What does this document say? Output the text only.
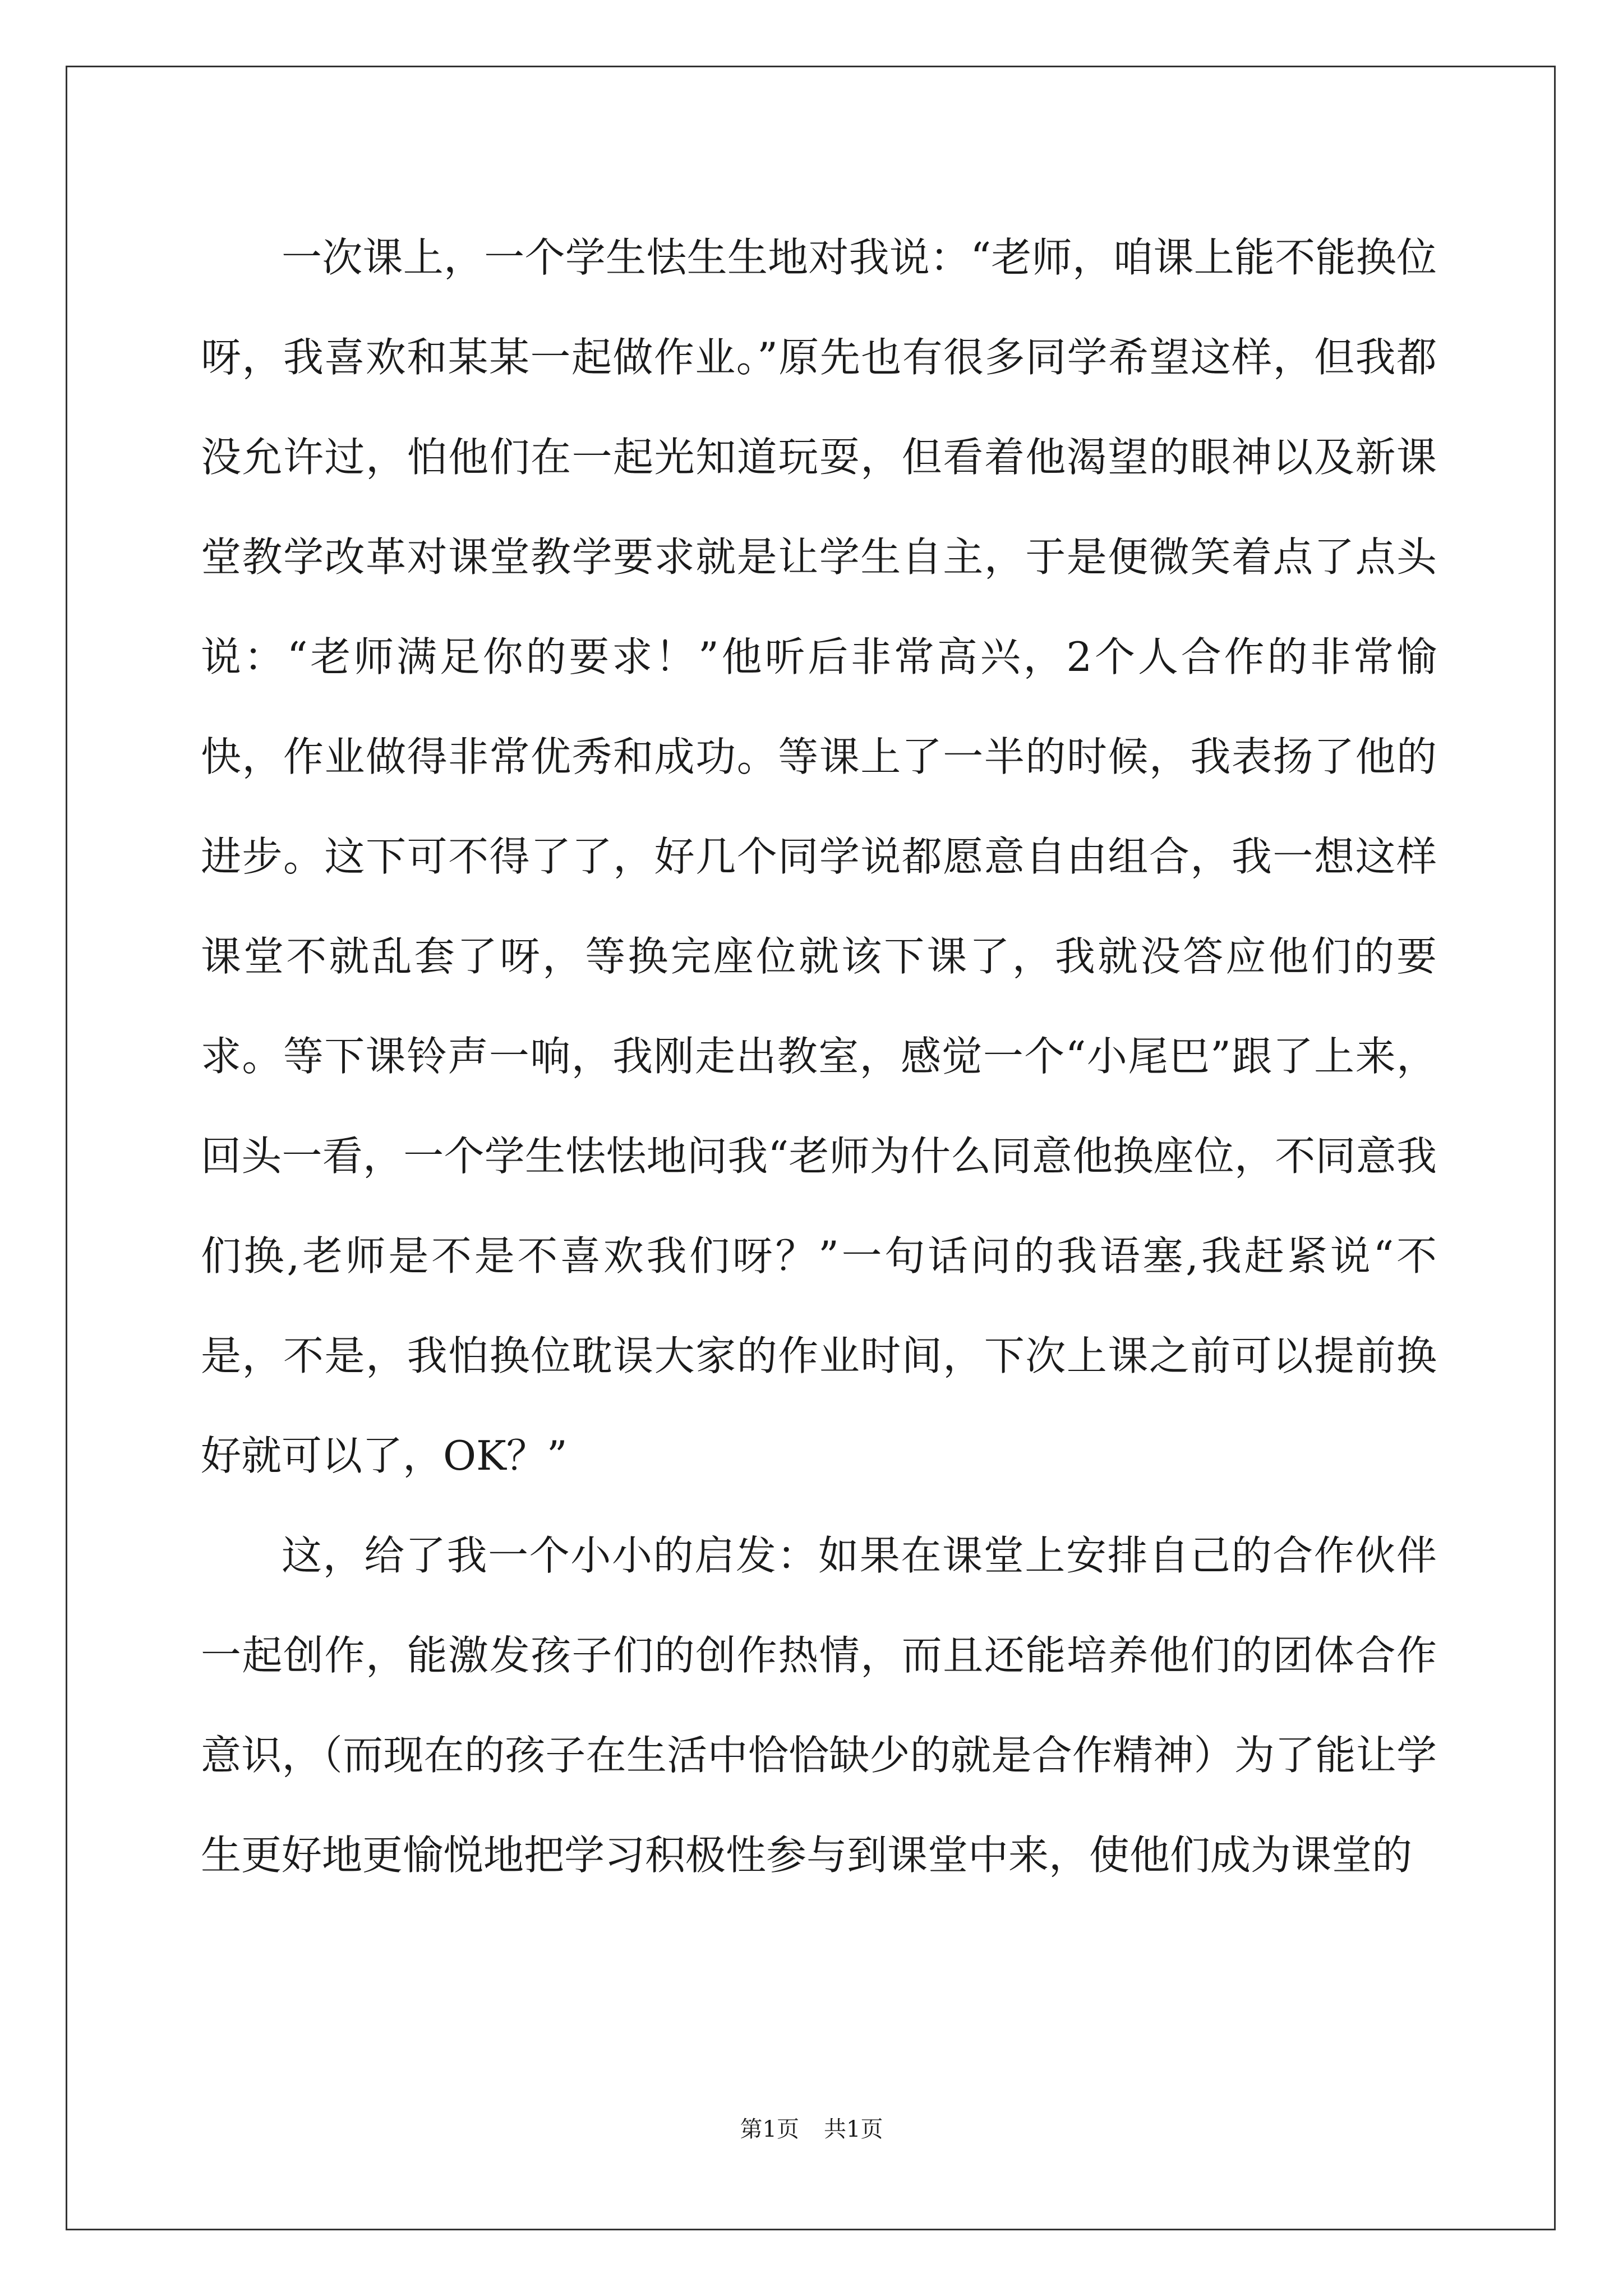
一次课上，一个学生怯生生地对我说：“老师，咱课上能不能换位呀，我喜欢和某某一起做作业。”原先也有很多同学希望这样，但我都没允许过，怕他们在一起光知道玩耍，但看着他渴望的眼神以及新课堂教学改革对课堂教学要求就是让学生自主，于是便微笑着点了点头说：“老师满足你的要求！”他听后非常高兴，2个人合作的非常愉快，作业做得非常优秀和成功。等课上了一半的时候，我表扬了他的进步。这下可不得了了，好几个同学说都愿意自由组合，我一想这样课堂不就乱套了呀，等换完座位就该下课了，我就没答应他们的要求。等下课铃声一响，我刚走出教室，感觉一个“小尾巴”跟了上来，回头一看，一个学生怯怯地问我“老师为什么同意他换座位，不同意我们换,老师是不是不喜欢我们呀？”一句话问的我语塞,我赶紧说“不是，不是，我怕换位耽误大家的作业时间，下次上课之前可以提前换好就可以了，OK？”

这，给了我一个小小的启发：如果在课堂上安排自己的合作伙伴一起创作，能激发孩子们的创作热情，而且还能培养他们的团体合作意识，（而现在的孩子在生活中恰恰缺少的就是合作精神）为了能让学生更好地更愉悦地把学习积极性参与到课堂中来，使他们成为课堂的

第1页 共1页
